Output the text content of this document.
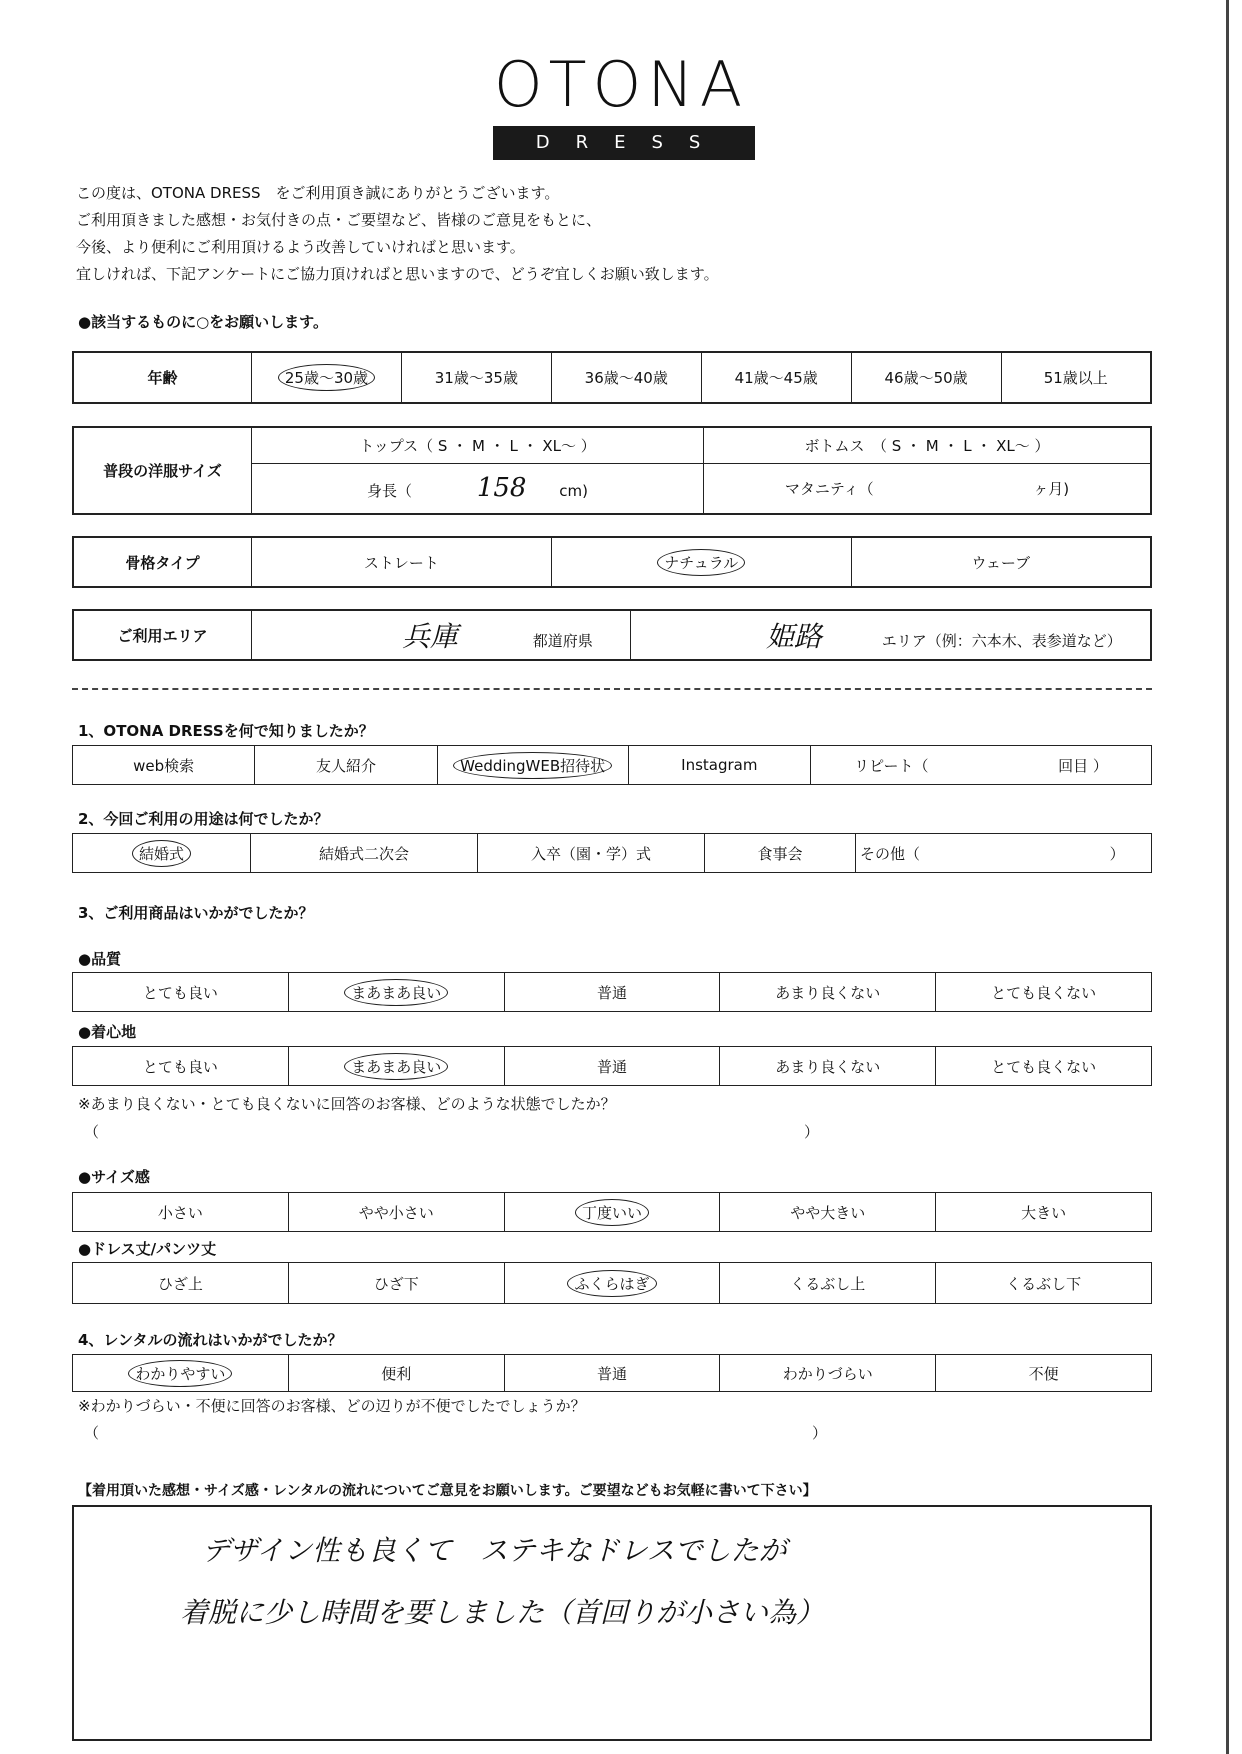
OTONA
DRESS
この度は、OTONA DRESS　をご利用頂き誠にありがとうございます。
ご利用頂きました感想・お気付きの点・ご要望など、皆様のご意見をもとに、
今後、より便利にご利用頂けるよう改善していければと思います。
宜しければ、下記アンケートにご協力頂ければと思いますので、どうぞ宜しくお願い致します。
●該当するものに○をお願いします。
年齢	25歳～30歳	31歳～35歳	36歳～40歳	41歳～45歳	46歳～50歳	51歳以上
普段の洋服サイズ	トップス（ S ・ M ・ L ・ XL～ ）	ボトムス　（ S ・ M ・ L ・ XL～ ）
	身長（ 158 cm)	マタニティ（ ヶ月)
骨格タイプ	ストレート	ナチュラル	ウェーブ
ご利用エリア	兵庫	都道府県	姫路	エリア（例：六本木、表参道など）
1、OTONA DRESSを何で知りましたか？
web検索	友人紹介	WeddingWEB招待状	Instagram	リピート（	回目 ）
2、今回ご利用の用途は何でしたか？
結婚式	結婚式二次会	入卒（園・学）式	食事会	その他（	）
3、ご利用商品はいかがでしたか？
●品質
とても良い	まあまあ良い	普通	あまり良くない	とても良くない
●着心地
とても良い	まあまあ良い	普通	あまり良くない	とても良くない
※あまり良くない・とても良くないに回答のお客様、どのような状態でしたか？
（	）
●サイズ感
小さい	やや小さい	丁度いい	やや大きい	大きい
●ドレス丈/パンツ丈
ひざ上	ひざ下	ふくらはぎ	くるぶし上	くるぶし下
4、レンタルの流れはいかがでしたか？
わかりやすい	便利	普通	わかりづらい	不便
※わかりづらい・不便に回答のお客様、どの辺りが不便でしたでしょうか？
（	）
【着用頂いた感想・サイズ感・レンタルの流れについてご意見をお願いします。ご要望などもお気軽に書いて下さい】
デザイン性も良くて　ステキなドレスでしたが
着脱に少し時間を要しました（首回りが小さい為）
